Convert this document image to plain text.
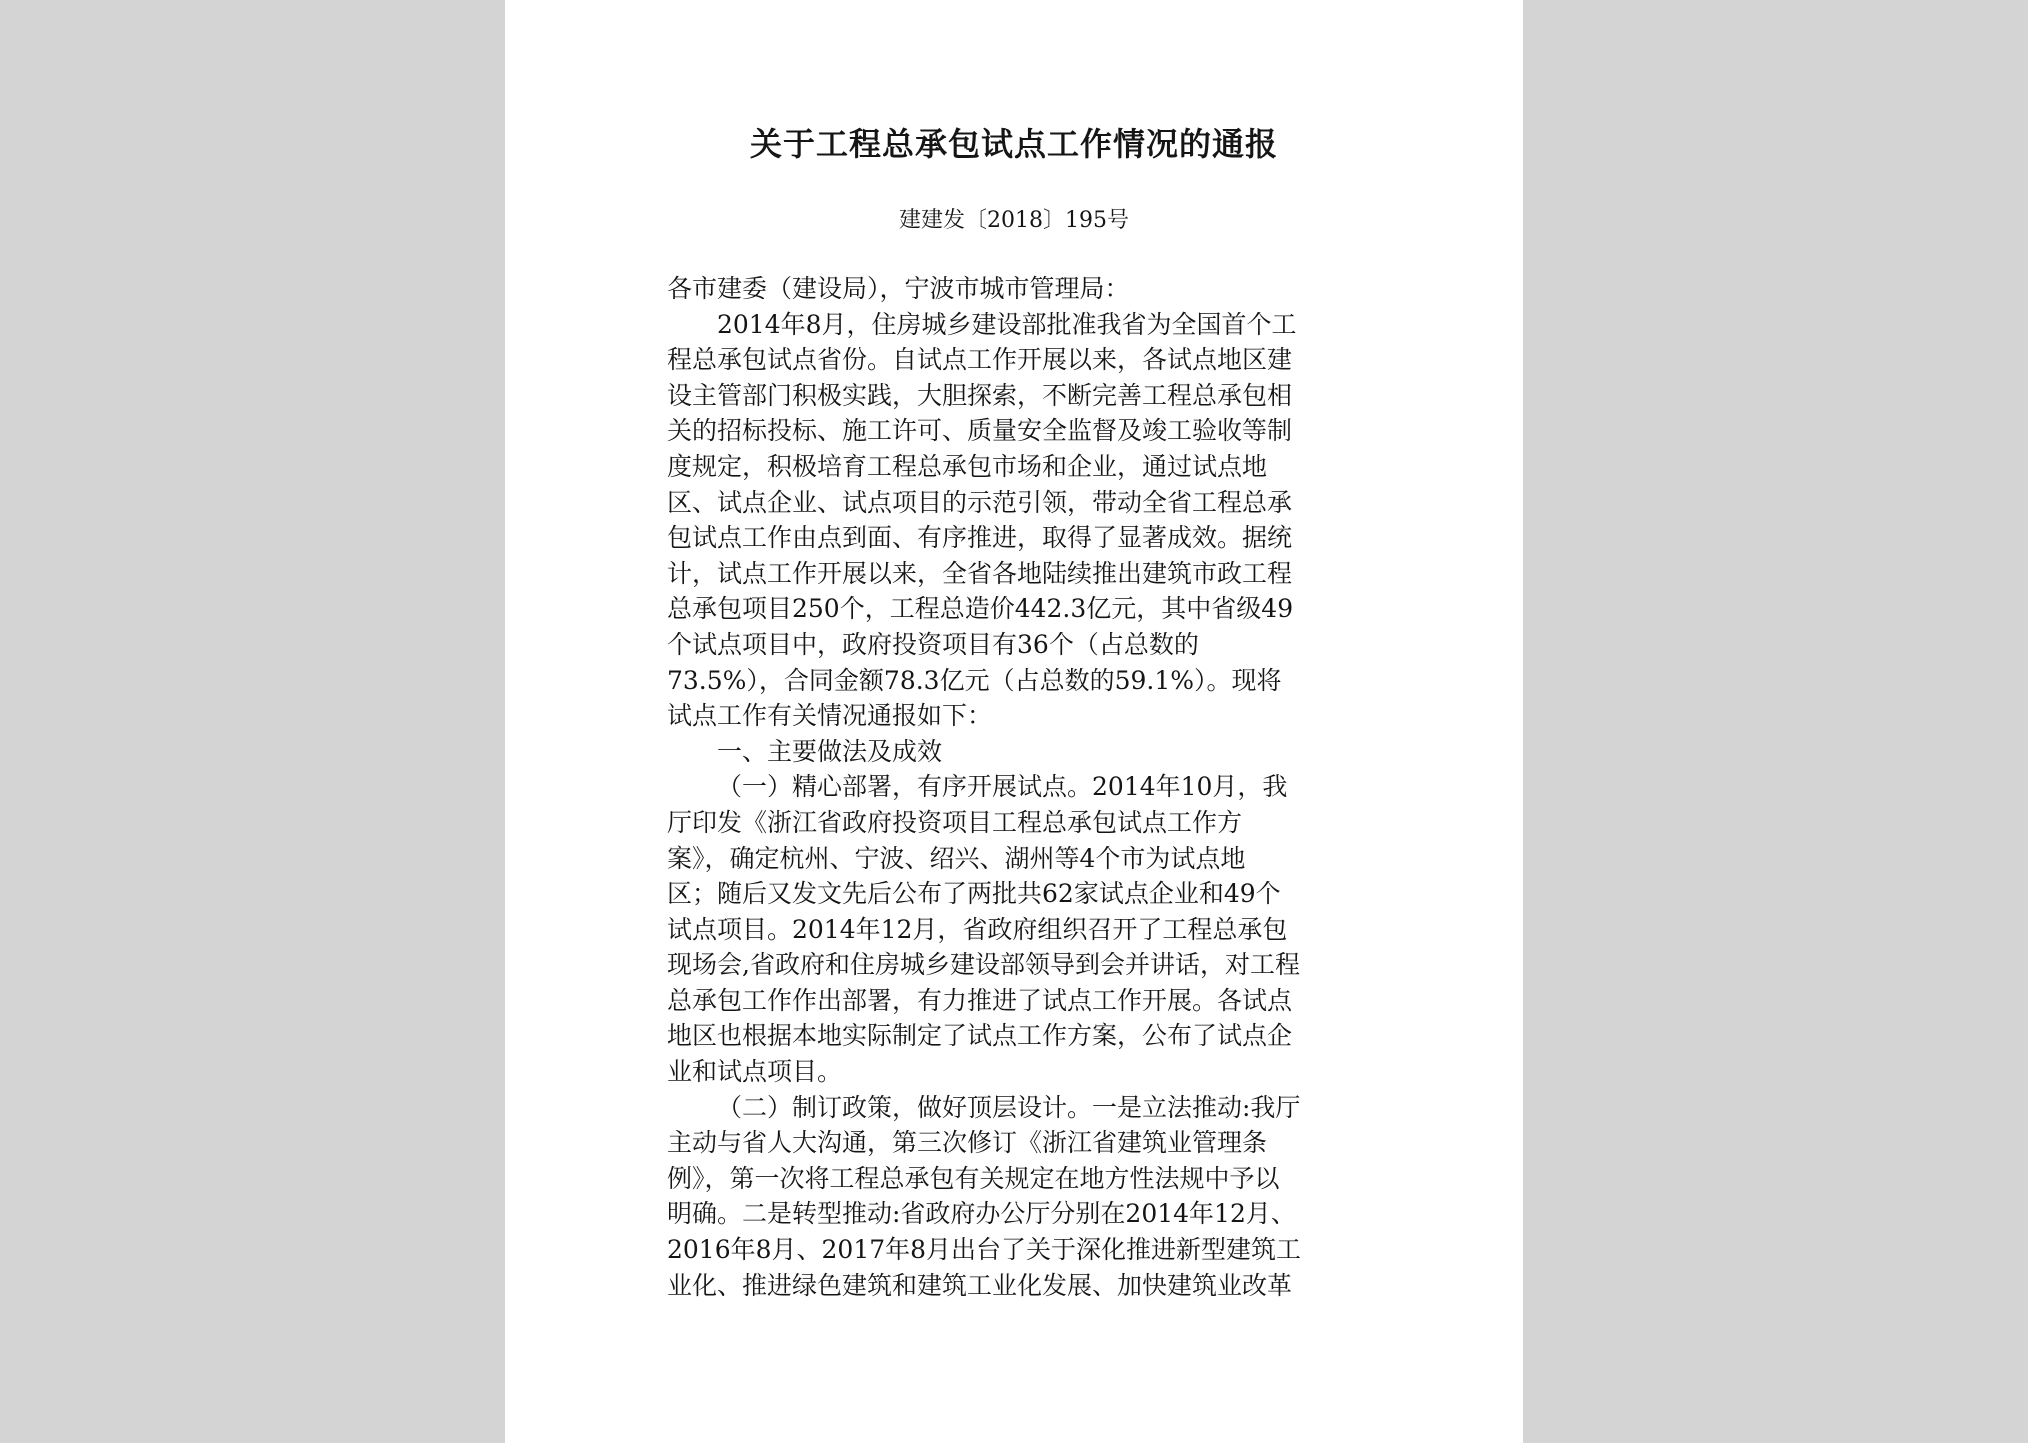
关于工程总承包试点工作情况的通报
建建发〔2018〕195号
各市建委（建设局），宁波市城市管理局：
2014年8月，住房城乡建设部批准我省为全国首个工
程总承包试点省份。自试点工作开展以来，各试点地区建
设主管部门积极实践，大胆探索，不断完善工程总承包相
关的招标投标、施工许可、质量安全监督及竣工验收等制
度规定，积极培育工程总承包市场和企业，通过试点地
区、试点企业、试点项目的示范引领，带动全省工程总承
包试点工作由点到面、有序推进，取得了显著成效。据统
计，试点工作开展以来，全省各地陆续推出建筑市政工程
总承包项目250个，工程总造价442.3亿元，其中省级49
个试点项目中，政府投资项目有36个（占总数的
73.5%），合同金额78.3亿元（占总数的59.1%）。现将
试点工作有关情况通报如下：
一、主要做法及成效
（一）精心部署，有序开展试点。2014年10月，我
厅印发《浙江省政府投资项目工程总承包试点工作方
案》，确定杭州、宁波、绍兴、湖州等4个市为试点地
区；随后又发文先后公布了两批共62家试点企业和49个
试点项目。2014年12月，省政府组织召开了工程总承包
现场会,省政府和住房城乡建设部领导到会并讲话，对工程
总承包工作作出部署，有力推进了试点工作开展。各试点
地区也根据本地实际制定了试点工作方案，公布了试点企
业和试点项目。
（二）制订政策，做好顶层设计。一是立法推动:我厅
主动与省人大沟通，第三次修订《浙江省建筑业管理条
例》，第一次将工程总承包有关规定在地方性法规中予以
明确。二是转型推动:省政府办公厅分别在2014年12月、
2016年8月、2017年8月出台了关于深化推进新型建筑工
业化、推进绿色建筑和建筑工业化发展、加快建筑业改革
